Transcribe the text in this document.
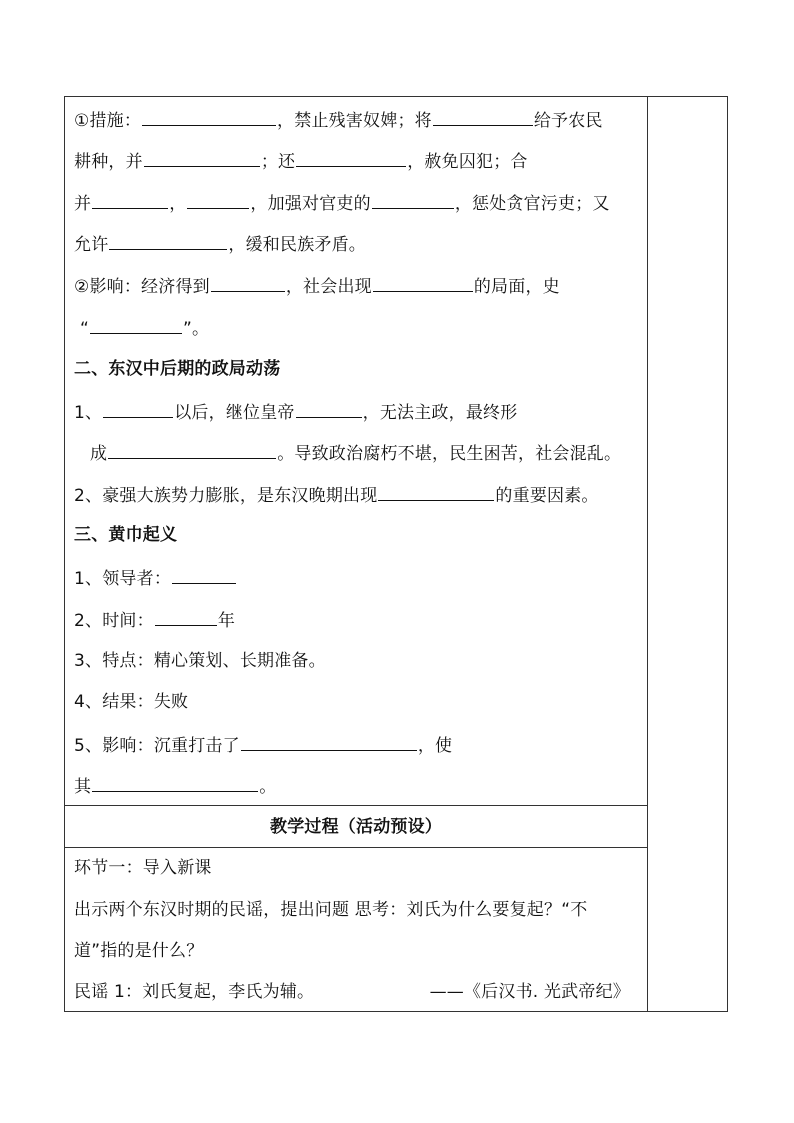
①措施：	，禁止残害奴婢；将	给予农民
耕种，并	；还	，赦免囚犯；合
并	，	，加强对官吏的	，惩处贪官污吏；又
允许	，缓和民族矛盾。
②影响：经济得到	，社会出现	的局面，史
“	”。
二、东汉中后期的政局动荡
1、	以后，继位皇帝	，无法主政，最终形
成	。导致政治腐朽不堪，民生困苦，社会混乱。
2、豪强大族势力膨胀，是东汉晚期出现	的重要因素。
三、黄巾起义
1、领导者：
2、时间：	年
3、特点：精心策划、长期准备。
4、结果：失败
5、影响：沉重打击了	，使
其	。
教学过程（活动预设）
环节一：导入新课
出示两个东汉时期的民谣，提出问题 思考：刘氏为什么要复起？“不
道”指的是什么？
民谣 1：刘氏复起，李氏为辅。	——《后汉书. 光武帝纪》
